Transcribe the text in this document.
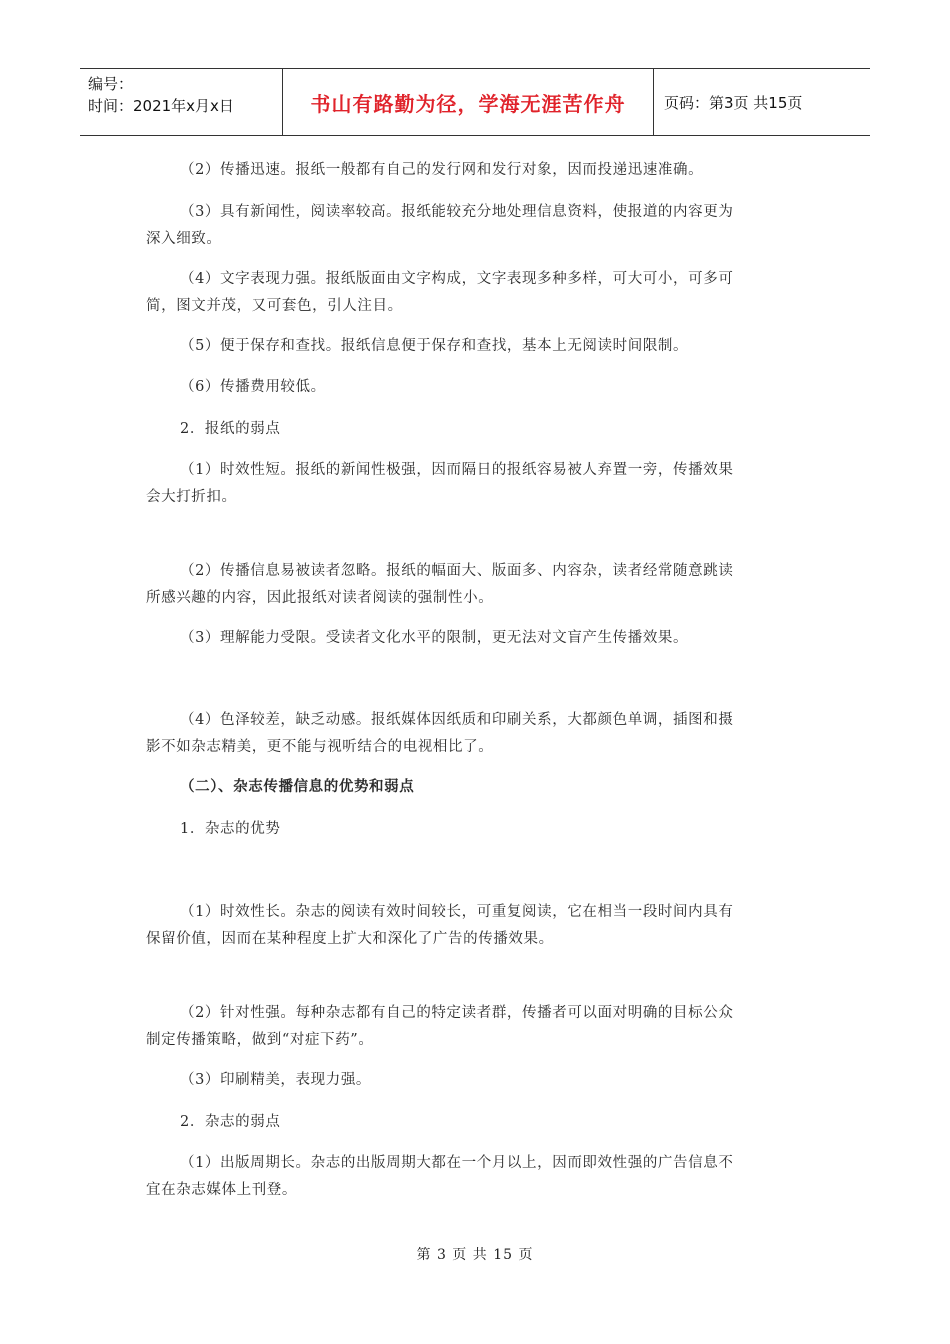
编号：
时间：2021年x月x日	书山有路勤为径，学海无涯苦作舟	页码：第3页 共15页

（2）传播迅速。报纸一般都有自己的发行网和发行对象，因而投递迅速准确。

（3）具有新闻性，阅读率较高。报纸能较充分地处理信息资料，使报道的内容更为
深入细致。

（4）文字表现力强。报纸版面由文字构成，文字表现多种多样，可大可小，可多可
简，图文并茂，又可套色，引人注目。

（5）便于保存和查找。报纸信息便于保存和查找，基本上无阅读时间限制。

（6）传播费用较低。

2．报纸的弱点

（1）时效性短。报纸的新闻性极强，因而隔日的报纸容易被人弃置一旁，传播效果
会大打折扣。

（2）传播信息易被读者忽略。报纸的幅面大、版面多、内容杂，读者经常随意跳读
所感兴趣的内容，因此报纸对读者阅读的强制性小。

（3）理解能力受限。受读者文化水平的限制，更无法对文盲产生传播效果。

（4）色泽较差，缺乏动感。报纸媒体因纸质和印刷关系，大都颜色单调，插图和摄
影不如杂志精美，更不能与视听结合的电视相比了。

（二）、杂志传播信息的优势和弱点

1．杂志的优势

（1）时效性长。杂志的阅读有效时间较长，可重复阅读，它在相当一段时间内具有
保留价值，因而在某种程度上扩大和深化了广告的传播效果。

（2）针对性强。每种杂志都有自己的特定读者群，传播者可以面对明确的目标公众
制定传播策略，做到“对症下药”。

（3）印刷精美，表现力强。

2．杂志的弱点

（1）出版周期长。杂志的出版周期大都在一个月以上，因而即效性强的广告信息不
宜在杂志媒体上刊登。

第 3 页 共 15 页
